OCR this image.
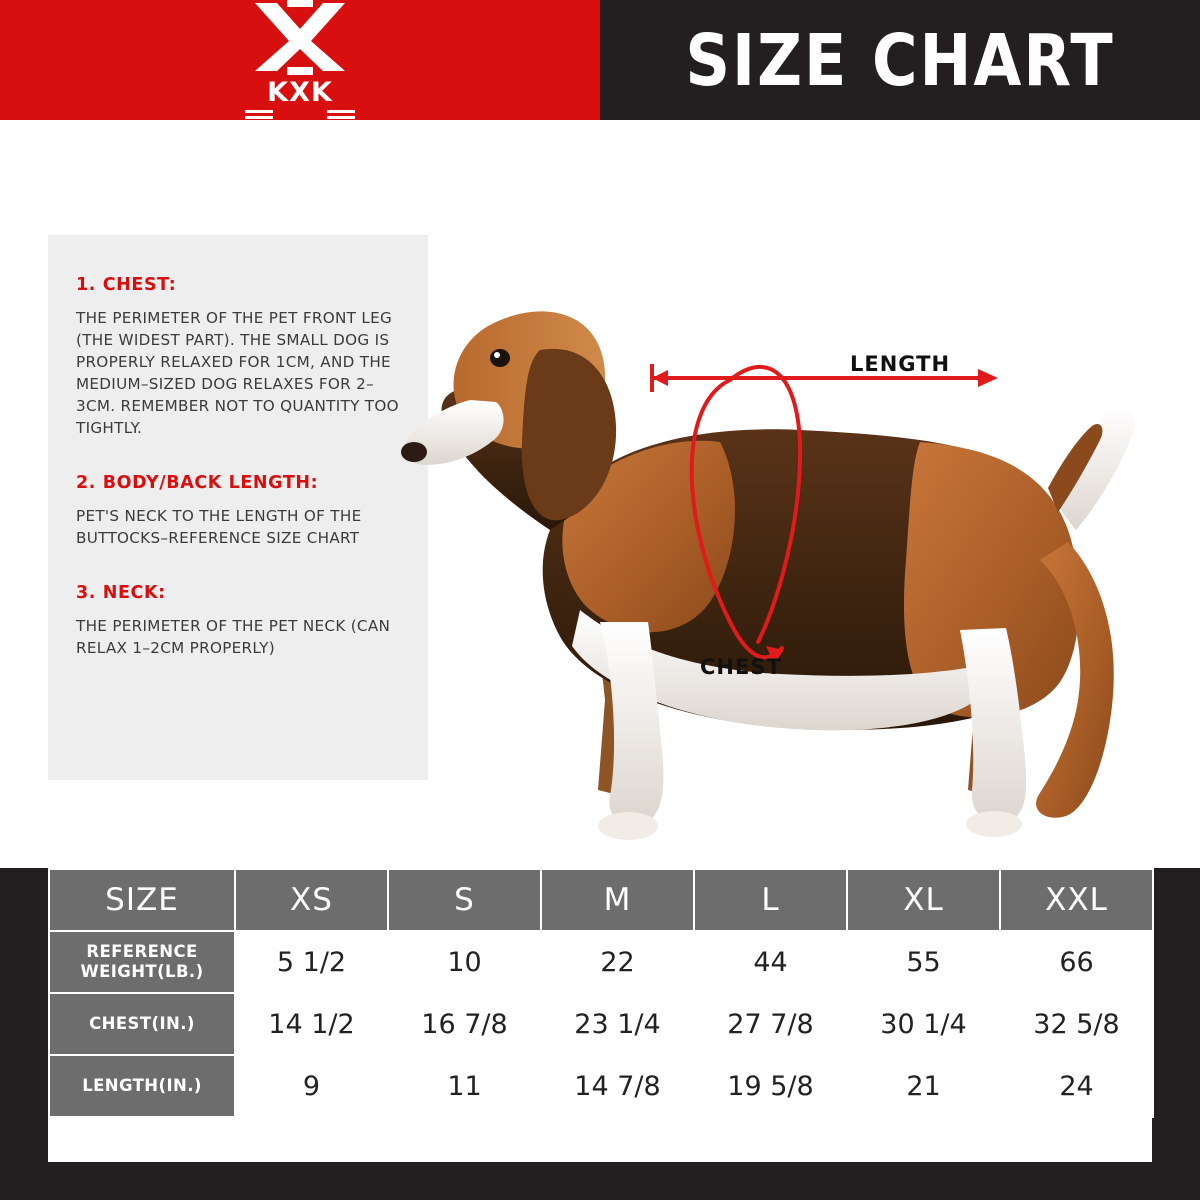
KXK	SIZE CHART
1. CHEST:

THE PERIMETER OF THE PET FRONT LEG (THE WIDEST PART). THE SMALL DOG IS PROPERLY RELAXED FOR 1CM, AND THE MEDIUM–SIZED DOG RELAXES FOR 2–3CM. REMEMBER NOT TO QUANTITY TOO TIGHTLY.

2. BODY/BACK LENGTH:

PET'S NECK TO THE LENGTH OF THE BUTTOCKS–REFERENCE SIZE CHART

3. NECK:

THE PERIMETER OF THE PET NECK (CAN RELAX 1–2CM PROPERLY)

LENGTH
CHEST
SIZE	XS	S	M	L	XL	XXL
REFERENCE
WEIGHT(LB.)	5 1/2	10	22	44	55	66
CHEST(IN.)	14 1/2	16 7/8	23 1/4	27 7/8	30 1/4	32 5/8
LENGTH(IN.)	9	11	14 7/8	19 5/8	21	24
